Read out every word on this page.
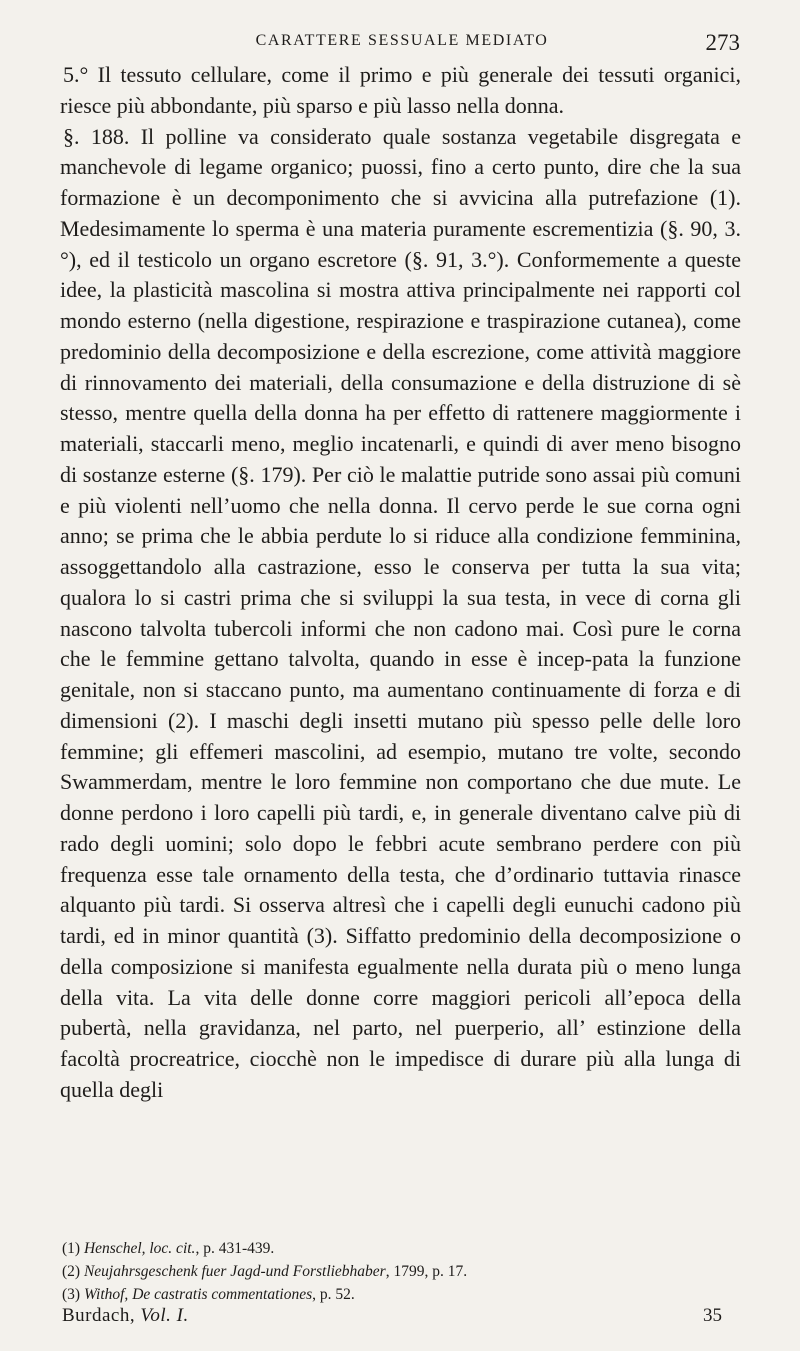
CARATTERE SESSUALE MEDIATO	273

5.° Il tessuto cellulare, come il primo e più generale dei tessuti organici, riesce più abbondante, più sparso e più lasso nella donna.

§. 188. Il polline va considerato quale sostanza vegetabile disgregata e manchevole di legame organico; puossi, fino a certo punto, dire che la sua formazione è un decomponimento che si avvicina alla putrefazione (1). Medesimamente lo sperma è una materia puramente escrementizia (§. 90, 3.°), ed il testicolo un organo escretore (§. 91, 3.°). Conformemente a queste idee, la plasticità mascolina si mostra attiva principalmente nei rapporti col mondo esterno (nella digestione, respirazione e traspirazione cutanea), come predominio della decomposizione e della escrezione, come attività maggiore di rinnovamento dei materiali, della consumazione e della distruzione di sè stesso, mentre quella della donna ha per effetto di rattenere maggiormente i materiali, staccarli meno, meglio incatenarli, e quindi di aver meno bisogno di sostanze esterne (§. 179). Per ciò le malattie putride sono assai più comuni e più violenti nell’uomo che nella donna. Il cervo perde le sue corna ogni anno; se prima che le abbia perdute lo si riduce alla condizione femminina, assoggettandolo alla castrazione, esso le conserva per tutta la sua vita; qualora lo si castri prima che si sviluppi la sua testa, in vece di corna gli nascono talvolta tubercoli informi che non cadono mai. Così pure le corna che le femmine gettano talvolta, quando in esse è incep-pata la funzione genitale, non si staccano punto, ma aumentano continuamente di forza e di dimensioni (2). I maschi degli insetti mutano più spesso pelle delle loro femmine; gli effemeri mascolini, ad esempio, mutano tre volte, secondo Swammerdam, mentre le loro femmine non comportano che due mute. Le donne perdono i loro capelli più tardi, e, in generale diventano calve più di rado degli uomini; solo dopo le febbri acute sembrano perdere con più frequenza esse tale ornamento della testa, che d’ordinario tuttavia rinasce alquanto più tardi. Si osserva altresì che i capelli degli eunuchi cadono più tardi, ed in minor quantità (3). Siffatto predominio della decomposizione o della composizione si manifesta egualmente nella durata più o meno lunga della vita. La vita delle donne corre maggiori pericoli all’epoca della pubertà, nella gravidanza, nel parto, nel puerperio, all’ estinzione della facoltà procreatrice, ciocchè non le impedisce di durare più alla lunga di quella degli

(1) Henschel, loc. cit., p. 431-439.
(2) Neujahrsgeschenk fuer Jagd-und Forstliebhaber, 1799, p. 17.
(3) Withof, De castratis commentationes, p. 52.
Burdach, Vol. I.	35
